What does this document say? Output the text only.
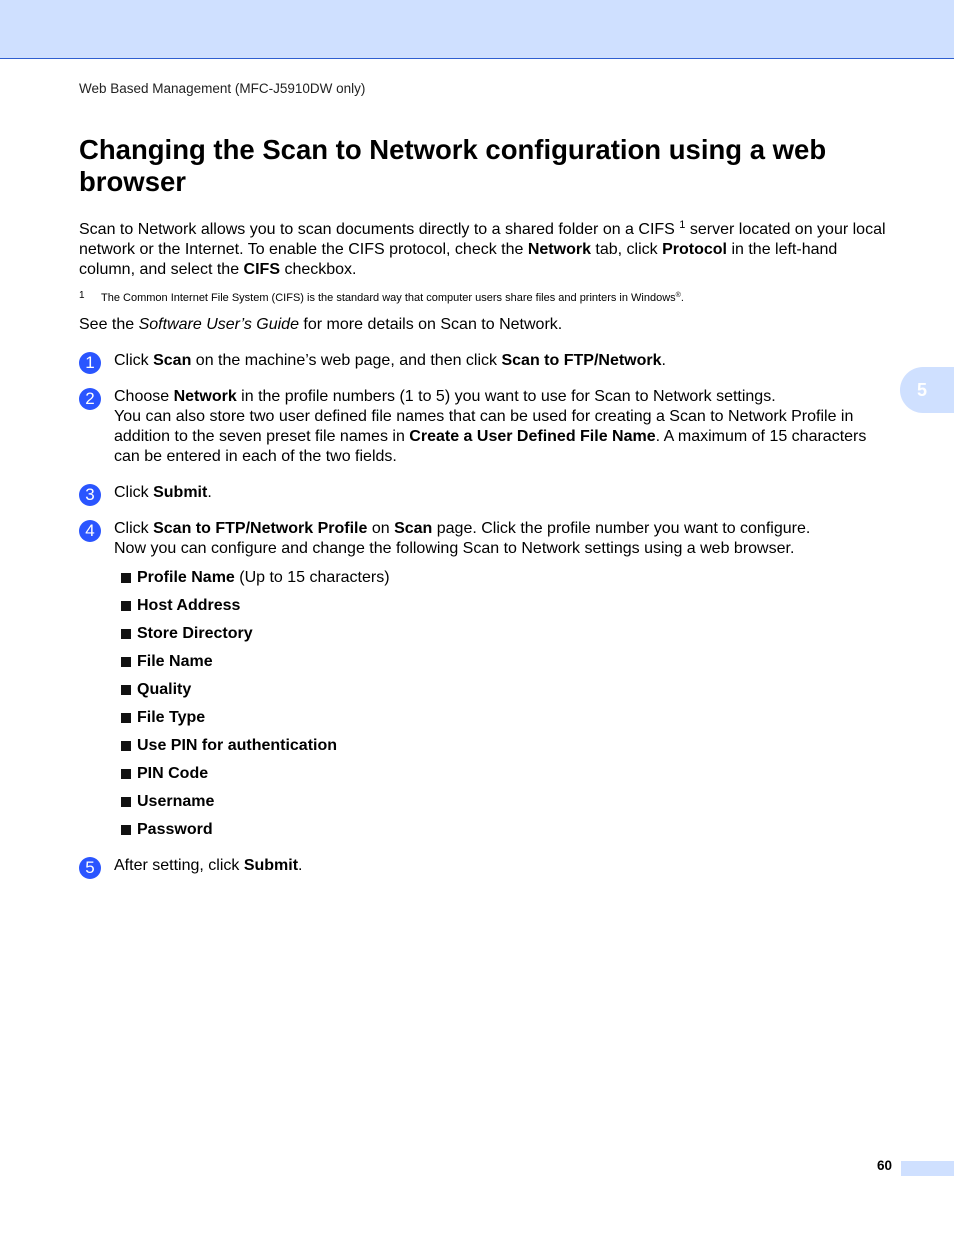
Web Based Management (MFC-J5910DW only)
Changing the Scan to Network configuration using a web browser

Scan to Network allows you to scan documents directly to a shared folder on a CIFS $^1$ server located on your local network or the Internet. To enable the CIFS protocol, check the Network tab, click Protocol in the left-hand column, and select the CIFS checkbox.

1 The Common Internet File System (CIFS) is the standard way that computer users share files and printers in Windows®.

See the Software User’s Guide for more details on Scan to Network.

1	Click Scan on the machine’s web page, and then click Scan to FTP/Network.
2	Choose Network in the profile numbers (1 to 5) you want to use for Scan to Network settings.
You can also store two user defined file names that can be used for creating a Scan to Network Profile in addition to the seven preset file names in Create a User Defined File Name. A maximum of 15 characters can be entered in each of the two fields.
3	Click Submit.
4	Click Scan to FTP/Network Profile on Scan page. Click the profile number you want to configure.
Now you can configure and change the following Scan to Network settings using a web browser.
Profile Name (Up to 15 characters)
Host Address
Store Directory
File Name
Quality
File Type
Use PIN for authentication
PIN Code
Username
Password
5	After setting, click Submit.
5
60
